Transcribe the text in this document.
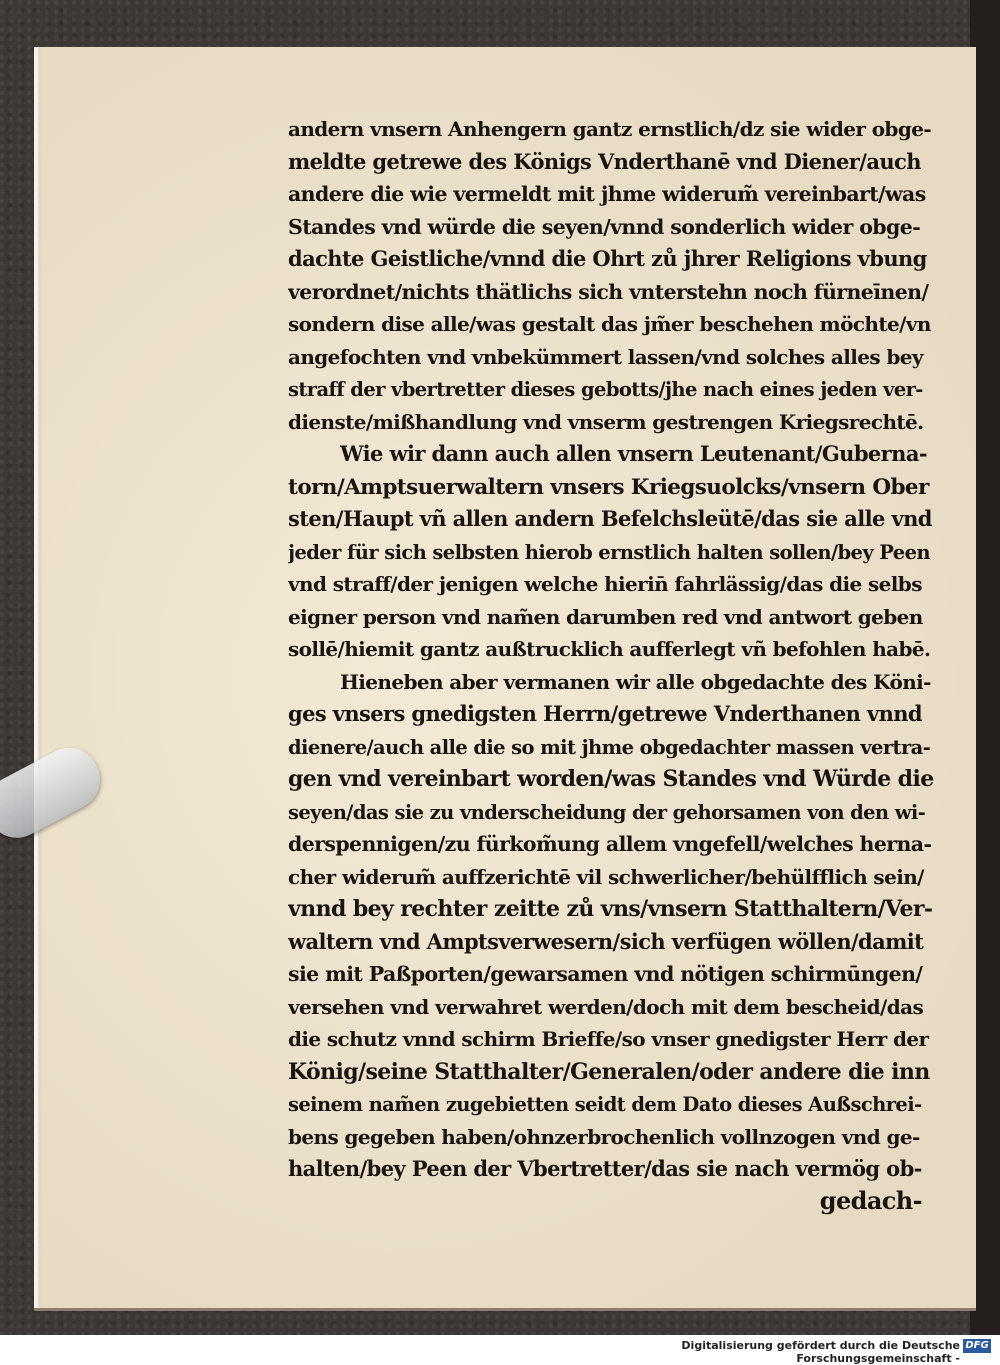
andern vnsern Anhengern gantz ernstlich/dz sie wider obge-
meldte getrewe des Königs Vnderthanē vnd Diener/auch
andere die wie vermeldt mit jhme widerum̃ vereinbart/was
Standes vnd würde die seyen/vnnd sonderlich wider obge-
dachte Geistliche/vnnd die Ohrt zů jhrer Religions vbung
verordnet/nichts thätlichs sich vnterstehn noch fürneīnen/
sondern dise alle/was gestalt das jm̃er beschehen möchte/vn
angefochten vnd vnbekümmert lassen/vnd solches alles bey
straff der vbertretter dieses gebotts/jhe nach eines jeden ver-
dienste/mißhandlung vnd vnserm gestrengen Kriegsrechtē.
Wie wir dann auch allen vnsern Leutenant/Guberna-
torn/Amptsuerwaltern vnsers Kriegsuolcks/vnsern Ober
sten/Haupt vñ allen andern Befelchsleütē/das sie alle vnd
jeder für sich selbsten hierob ernstlich halten sollen/bey Peen
vnd straff/der jenigen welche hierin̄ fahrlässig/das die selbs
eigner person vnd nam̃en darumben red vnd antwort geben
sollē/hiemit gantz außtrucklich aufferlegt vñ befohlen habē.
Hieneben aber vermanen wir alle obgedachte des Köni-
ges vnsers gnedigsten Herrn/getrewe Vnderthanen vnnd
dienere/auch alle die so mit jhme obgedachter massen vertra-
gen vnd vereinbart worden/was Standes vnd Würde die
seyen/das sie zu vnderscheidung der gehorsamen von den wi-
derspennigen/zu fürkom̃ung allem vngefell/welches herna-
cher widerum̃ auffzerichtē vil schwerlicher/behülfflich sein/
vnnd bey rechter zeitte zů vns/vnsern Statthaltern/Ver-
waltern vnd Amptsverwesern/sich verfügen wöllen/damit
sie mit Paßporten/gewarsamen vnd nötigen schirmūngen/
versehen vnd verwahret werden/doch mit dem bescheid/das
die schutz vnnd schirm Brieffe/so vnser gnedigster Herr der
König/seine Statthalter/Generalen/oder andere die inn
seinem nam̃en zugebietten seidt dem Dato dieses Außschrei-
bens gegeben haben/ohnzerbrochenlich vollnzogen vnd ge-
halten/bey Peen der Vbertretter/das sie nach vermög ob-
gedach-
Digitalisierung gefördert durch die Deutsche Forschungsgemeinschaft -
DFG
